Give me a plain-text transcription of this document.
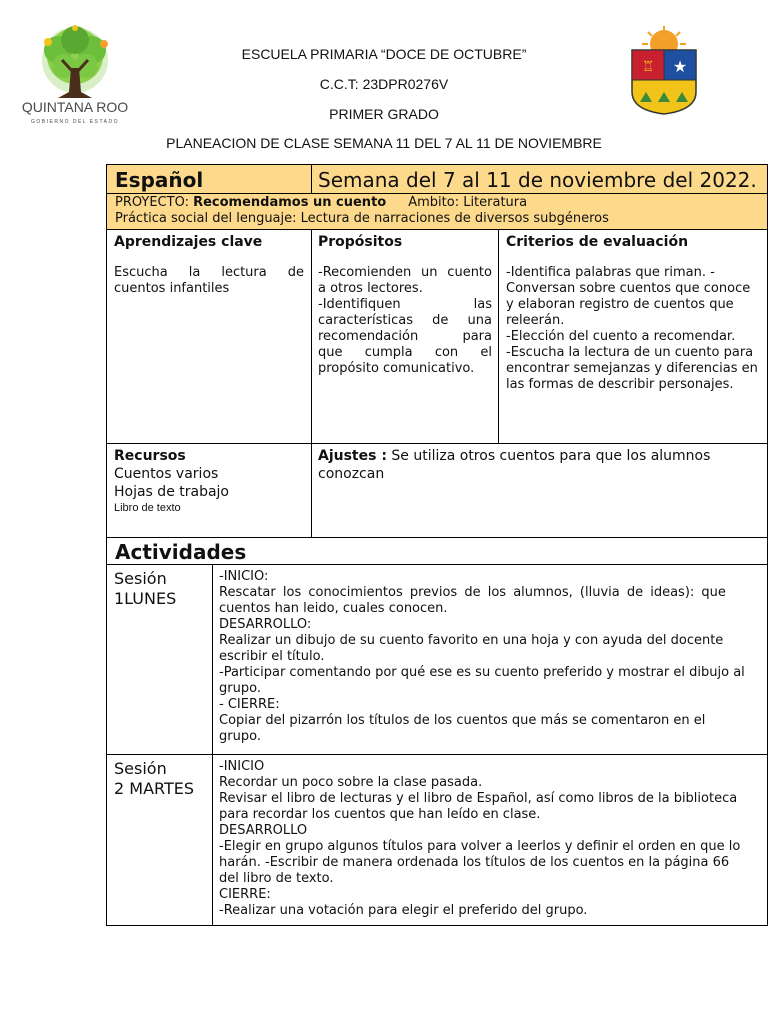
QUINTANA ROO
GOBIERNO DEL ESTADO
♖ ★
ESCUELA PRIMARIA “DOCE DE OCTUBRE”
C.C.T: 23DPR0276V
PRIMER GRADO
PLANEACION DE CLASE SEMANA 11 DEL 7 AL 11 DE NOVIEMBRE
Español	Semana del 7 al 11 de noviembre del 2022.
PROYECTO: Recomendamos un cuento Ámbito: Literatura
Práctica social del lenguaje: Lectura de narraciones de diversos subgéneros
Aprendizajes clave
Escucha la lectura de
cuentos infantiles
Propósitos
-Recomienden un cuento
a otros lectores.
-Identifiquen las
características de una
recomendación para
que cumpla con el
propósito comunicativo.
Criterios de evaluación
-Identifica palabras que riman. -
Conversan sobre cuentos que conoce
y elaboran registro de cuentos que
releerán.
-Elección del cuento a recomendar.
-Escucha la lectura de un cuento para
encontrar semejanzas y diferencias en
las formas de describir personajes.
Recursos
Cuentos varios
Hojas de trabajo
Libro de texto
Ajustes : Se utiliza otros cuentos para que los alumnos
conozcan
Actividades
Sesión
1LUNES
-INICIO:
Rescatar los conocimientos previos de los alumnos, (lluvia de ideas): que
cuentos han leido, cuales conocen.
DESARROLLO:
Realizar un dibujo de su cuento favorito en una hoja y con ayuda del docente
escribir el título.
-Participar comentando por qué ese es su cuento preferido y mostrar el dibujo al
grupo.
- CIERRE:
Copiar del pizarrón los títulos de los cuentos que más se comentaron en el
grupo.
Sesión
2 MARTES
-INICIO
Recordar un poco sobre la clase pasada.
Revisar el libro de lecturas y el libro de Español, así como libros de la biblioteca
para recordar los cuentos que han leído en clase.
DESARROLLO
-Elegir en grupo algunos títulos para volver a leerlos y definir el orden en que lo
harán. -Escribir de manera ordenada los títulos de los cuentos en la página 66
del libro de texto.
CIERRE:
-Realizar una votación para elegir el preferido del grupo.
